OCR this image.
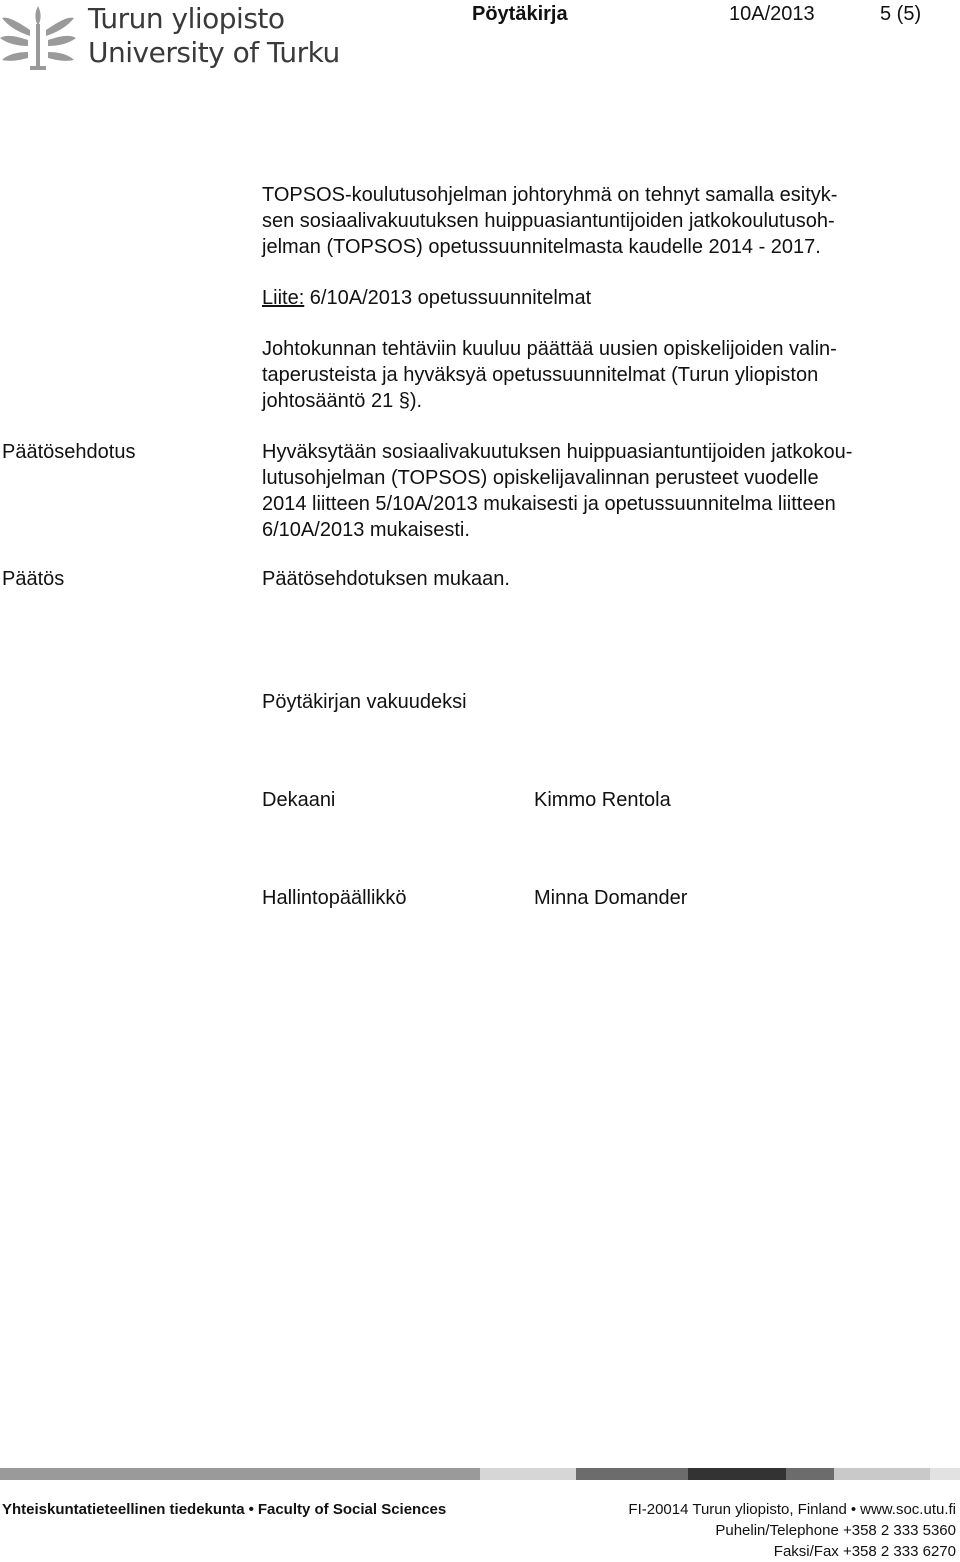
Turun yliopisto
University of Turku
Pöytäkirja	10A/2013	5 (5)
TOPSOS-koulutusohjelman johtoryhmä on tehnyt samalla esityk-
sen sosiaalivakuutuksen huippuasiantuntijoiden jatkokoulutusoh-
jelman (TOPSOS) opetussuunnitelmasta kaudelle 2014 - 2017.
Liite: 6/10A/2013 opetussuunnitelmat
Johtokunnan tehtäviin kuuluu päättää uusien opiskelijoiden valin-
taperusteista ja hyväksyä opetussuunnitelmat (Turun yliopiston
johtosääntö 21 §).
Päätösehdotus	Hyväksytään sosiaalivakuutuksen huippuasiantuntijoiden jatkokou-
lutusohjelman (TOPSOS) opiskelijavalinnan perusteet vuodelle
2014 liitteen 5/10A/2013 mukaisesti ja opetussuunnitelma liitteen
6/10A/2013 mukaisesti.
Päätös	Päätösehdotuksen mukaan.
Pöytäkirjan vakuudeksi
Dekaani	Kimmo Rentola
Hallintopäällikkö	Minna Domander
Yhteiskuntatieteellinen tiedekunta • Faculty of Social Sciences	FI-20014 Turun yliopisto, Finland • www.soc.utu.fi
Puhelin/Telephone +358 2 333 5360
Faksi/Fax +358 2 333 6270
